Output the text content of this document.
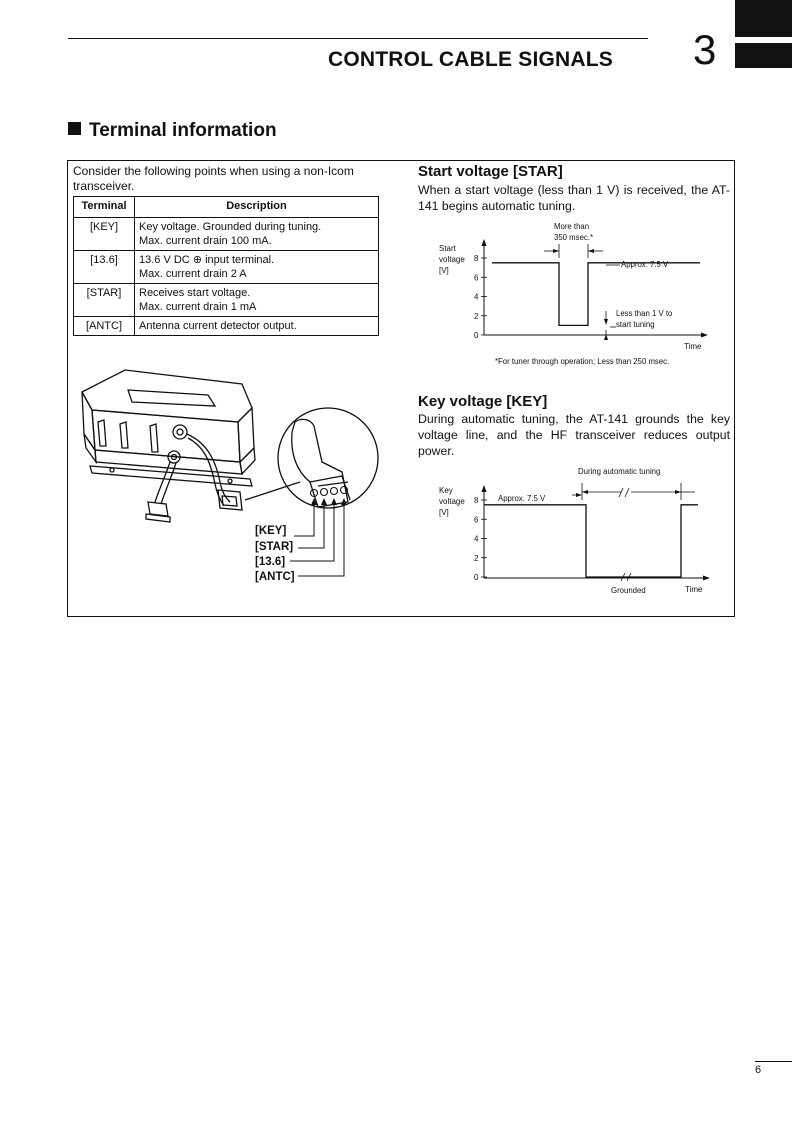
CONTROL CABLE SIGNALS 3
Terminal information
Consider the following points when using a non-Icom transceiver.
Terminal	Description
[KEY]	Key voltage. Grounded during tuning.
Max. current drain 100 mA.

[13.6]	13.6 V DC ⊕ input terminal.
Max. current drain 2 A

[STAR]	Receives start voltage.
Max. current drain 1 mA

[ANTC]	Antenna current detector output.
[KEY]
[STAR]
[13.6]
[ANTC]
Start voltage [STAR]
When a start voltage (less than 1 V) is received, the AT-141 begins automatic tuning.
Start
voltage
[V]
8
6
4
2
0
Time
More than
350 msec.*
Approx. 7.5 V
Less than 1 V to
start tuning
*For tuner through operation; Less than 250 msec.
Key voltage [KEY]
During automatic tuning, the AT-141 grounds the key voltage line, and the HF transceiver reduces output power.
Key
voltage
[V]
8
6
4
2
0
Time
During automatic tuning
Approx. 7.5 V
Grounded
6
